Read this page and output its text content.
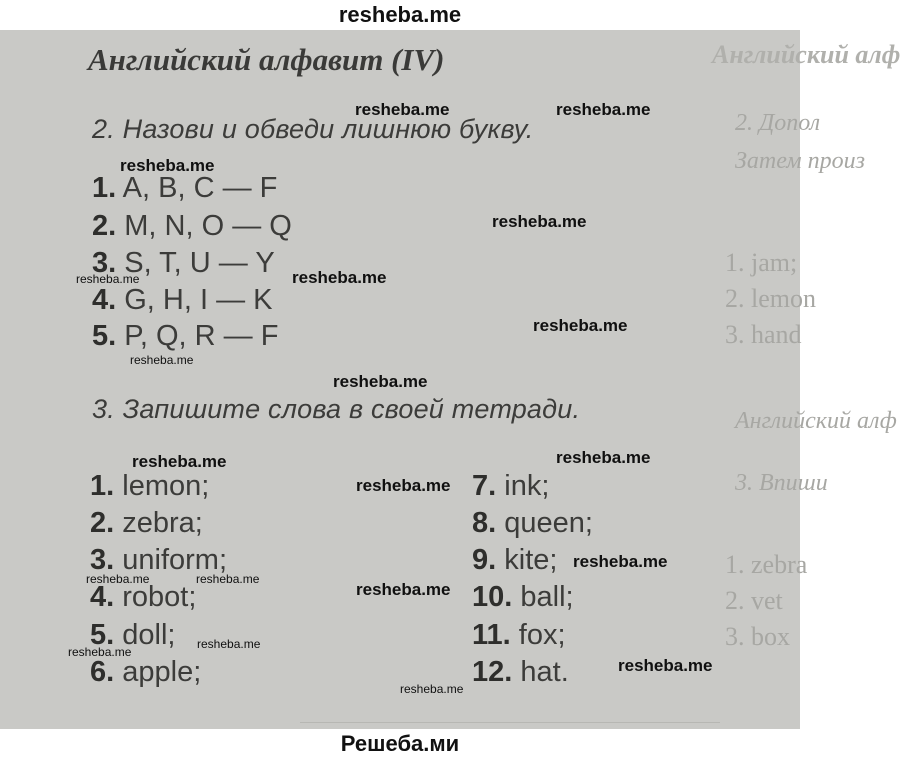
resheba.me
Английский алф
2. Допол
Затем произ
1. jam;
2. lemon
3. hand
Английский алф
3. Впиши
1. zebra
2. vet
3. box
Английский алфавит (IV)
2. Назови и обведи лишнюю букву.
1. A, B, C — F
2. M, N, O — Q
3. S, T, U — Y
4. G, H, I — K
5. P, Q, R — F
3. Запишите слова в своей тетради.
1. lemon;
2. zebra;
3. uniform;
4. robot;
5. doll;
6. apple;
7. ink;
8. queen;
9. kite;
10. ball;
11. fox;
12. hat.
resheba.me	resheba.me
resheba.me
resheba.me
resheba.me	resheba.me
resheba.me
resheba.me
resheba.me
resheba.me	resheba.me
resheba.me
resheba.me
resheba.me	resheba.me
resheba.me
resheba.me
resheba.me
resheba.me
resheba.me
Решеба.ми
